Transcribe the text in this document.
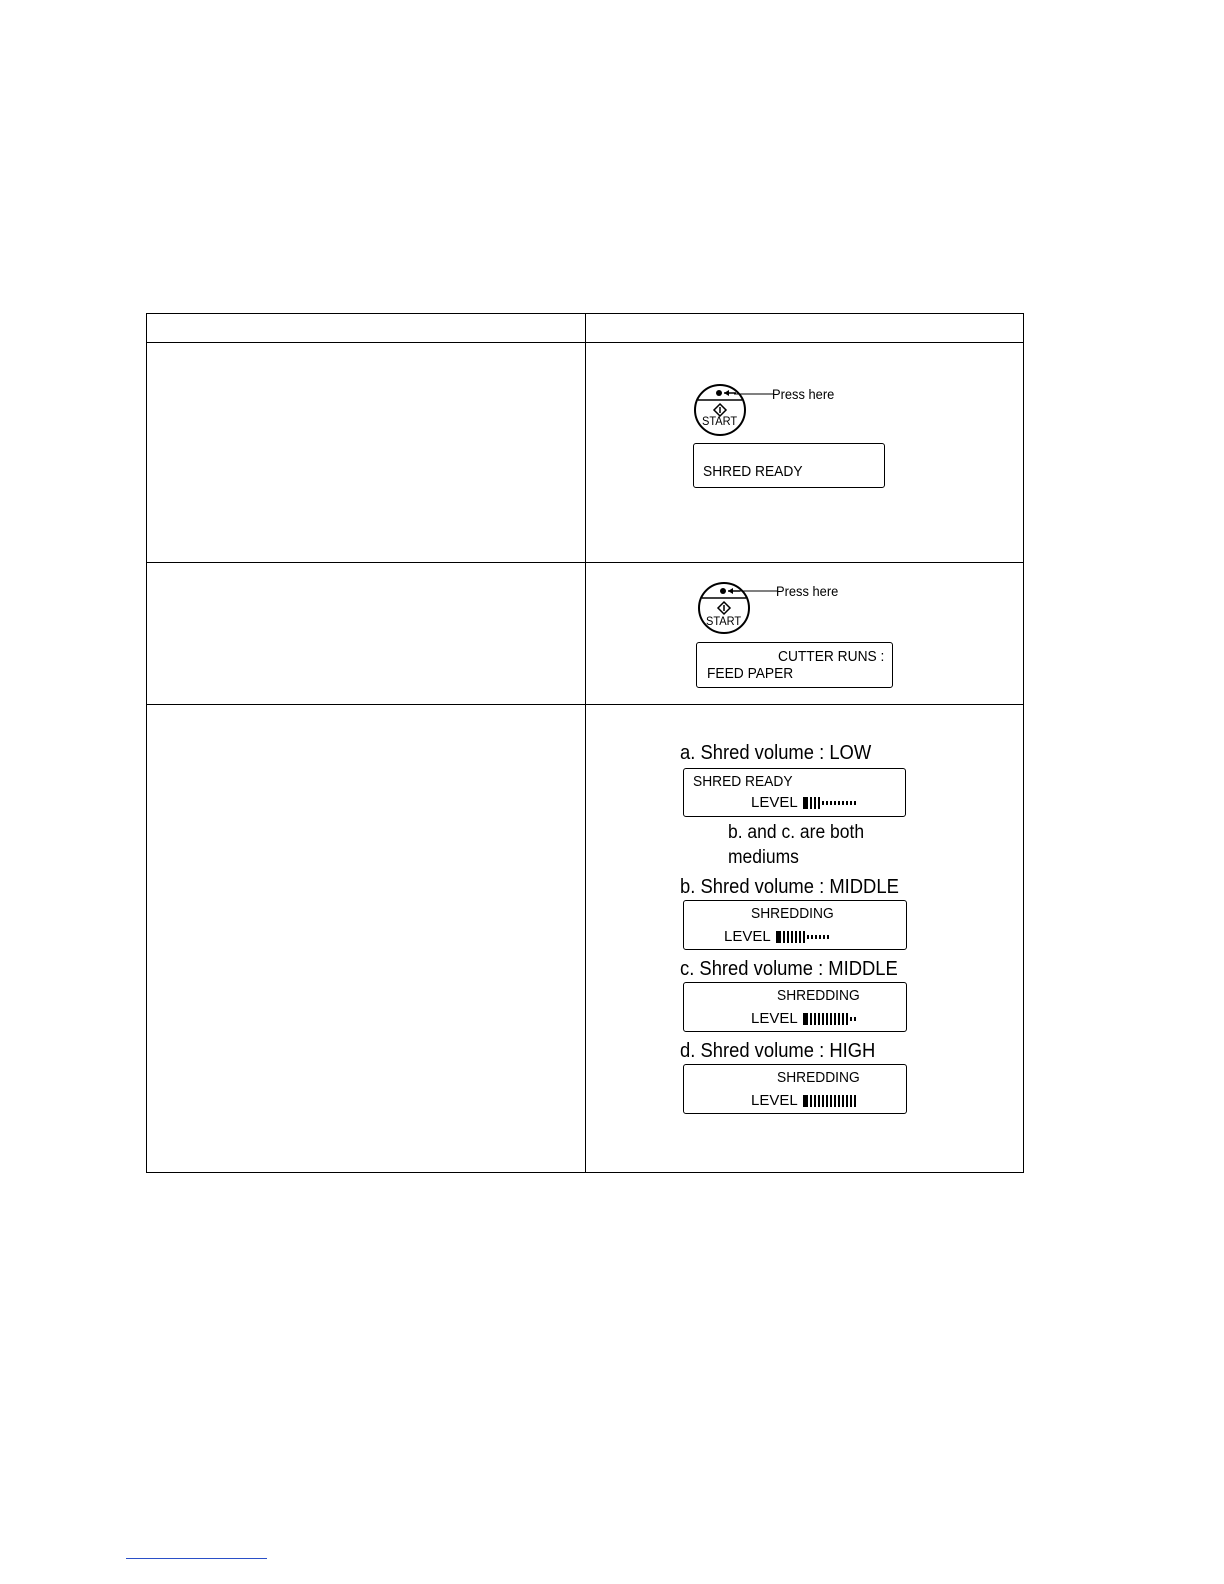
Press here
START
SHRED READY
Press here
START
CUTTER RUNS :
FEED PAPER
a. Shred volume : LOW
SHRED READY
LEVEL
b. and c. are both
mediums
b. Shred volume : MIDDLE
SHREDDING
LEVEL
c. Shred volume : MIDDLE
SHREDDING
LEVEL
d. Shred volume : HIGH
SHREDDING
LEVEL
